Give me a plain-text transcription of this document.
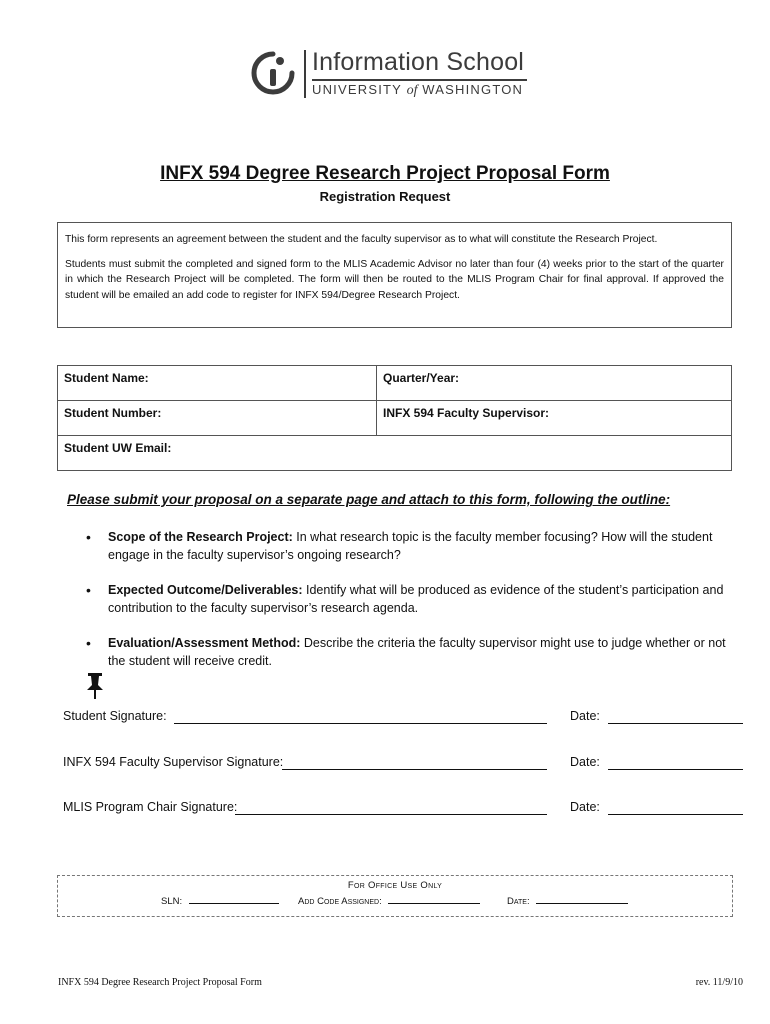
Information School
UNIVERSITY of WASHINGTON
INFX 594 Degree Research Project Proposal Form
Registration Request

This form represents an agreement between the student and the faculty supervisor as to what will constitute the Research Project.

Students must submit the completed and signed form to the MLIS Academic Advisor no later than four (4) weeks prior to the start of the quarter in which the Research Project will be completed. The form will then be routed to the MLIS Program Chair for final approval. If approved the student will be emailed an add code to register for INFX 594/Degree Research Project.

Student Name:	Quarter/Year:
Student Number:	INFX 594 Faculty Supervisor:
Student UW Email:	
Please submit your proposal on a separate page and attach to this form, following the outline:
• Scope of the Research Project: In what research topic is the faculty member focusing? How will the student engage in the faculty supervisor’s ongoing research?
• Expected Outcome/Deliverables: Identify what will be produced as evidence of the student’s participation and contribution to the faculty supervisor’s research agenda.
• Evaluation/Assessment Method: Describe the criteria the faculty supervisor might use to judge whether or not the student will receive credit.
Student Signature:	Date:
INFX 594 Faculty Supervisor Signature:	Date:
MLIS Program Chair Signature:	Date:
For Office Use Only
SLN:	Add Code Assigned:	Date:
INFX 594 Degree Research Project Proposal Form	rev. 11/9/10
